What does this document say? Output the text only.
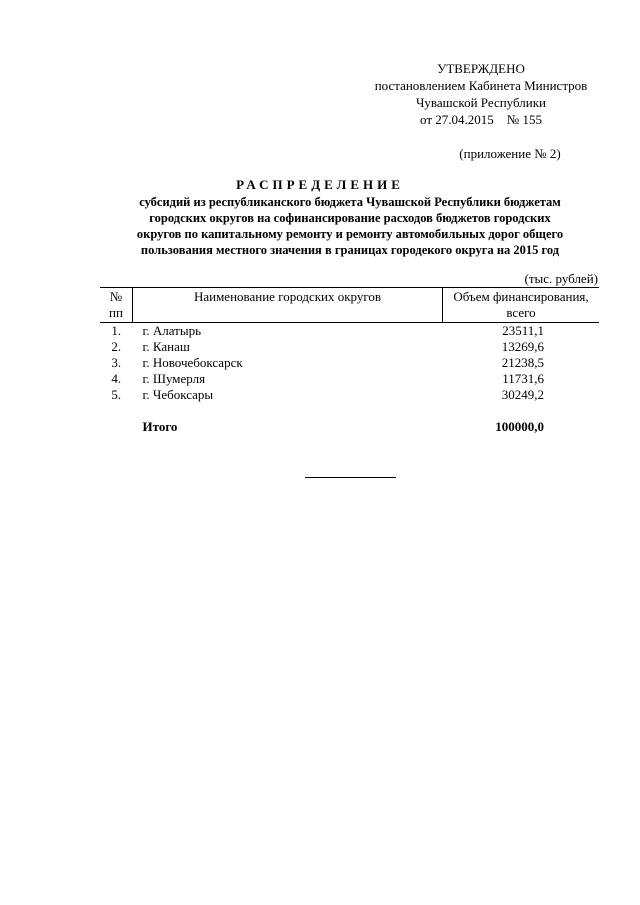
УТВЕРЖДЕНО
постановлением Кабинета Министров
Чувашской Республики
от 27.04.2015    № 155
(приложение № 2)
РАСПРЕДЕЛЕНИЕ
субсидий из республиканского бюджета Чувашской Республики бюджетам
городских округов на софинансирование расходов бюджетов городских
округов по капитальному ремонту и ремонту автомобильных дорог общего
пользования местного значения в границах городекого округа на 2015 год
(тыс. рублей)
№ пп	Наименование городских округов	Объем финансирования, всего
1.	г. Алатырь	23511,1
2.	г. Канаш	13269,6
3.	г. Новочебоксарск	21238,5
4.	г. Шумерля	11731,6
5.	г. Чебоксары	30249,2

	Итого	100000,0
